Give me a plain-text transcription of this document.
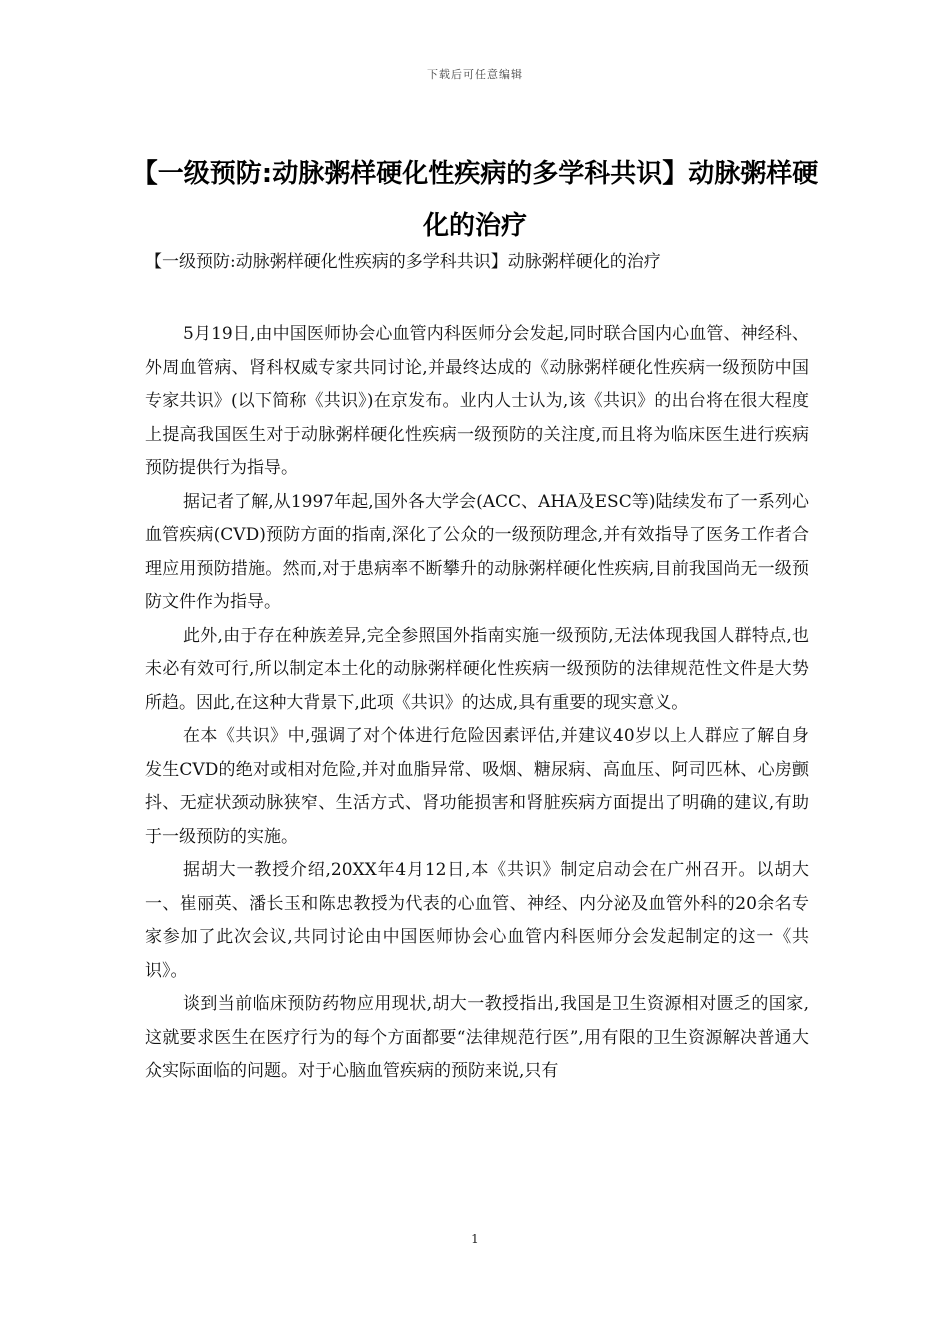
下载后可任意编辑
【一级预防:动脉粥样硬化性疾病的多学科共识】动脉粥样硬化的治疗

【一级预防:动脉粥样硬化性疾病的多学科共识】动脉粥样硬化的治疗

5月19日,由中国医师协会心血管内科医师分会发起,同时联合国内心血管、神经科、外周血管病、肾科权威专家共同讨论,并最终达成的《动脉粥样硬化性疾病一级预防中国专家共识》(以下简称《共识》)在京发布。业内人士认为,该《共识》的出台将在很大程度上提高我国医生对于动脉粥样硬化性疾病一级预防的关注度,而且将为临床医生进行疾病预防提供行为指导。

据记者了解,从1997年起,国外各大学会(ACC、AHA及ESC等)陆续发布了一系列心血管疾病(CVD)预防方面的指南,深化了公众的一级预防理念,并有效指导了医务工作者合理应用预防措施。然而,对于患病率不断攀升的动脉粥样硬化性疾病,目前我国尚无一级预防文件作为指导。

此外,由于存在种族差异,完全参照国外指南实施一级预防,无法体现我国人群特点,也未必有效可行,所以制定本土化的动脉粥样硬化性疾病一级预防的法律规范性文件是大势所趋。因此,在这种大背景下,此项《共识》的达成,具有重要的现实意义。

在本《共识》中,强调了对个体进行危险因素评估,并建议40岁以上人群应了解自身发生CVD的绝对或相对危险,并对血脂异常、吸烟、糖尿病、高血压、阿司匹林、心房颤抖、无症状颈动脉狭窄、生活方式、肾功能损害和肾脏疾病方面提出了明确的建议,有助于一级预防的实施。

据胡大一教授介绍,20XX年4月12日,本《共识》制定启动会在广州召开。以胡大一、崔丽英、潘长玉和陈忠教授为代表的心血管、神经、内分泌及血管外科的20余名专家参加了此次会议,共同讨论由中国医师协会心血管内科医师分会发起制定的这一《共识》。

谈到当前临床预防药物应用现状,胡大一教授指出,我国是卫生资源相对匮乏的国家,这就要求医生在医疗行为的每个方面都要“法律规范行医”,用有限的卫生资源解决普通大众实际面临的问题。对于心脑血管疾病的预防来说,只有

1
